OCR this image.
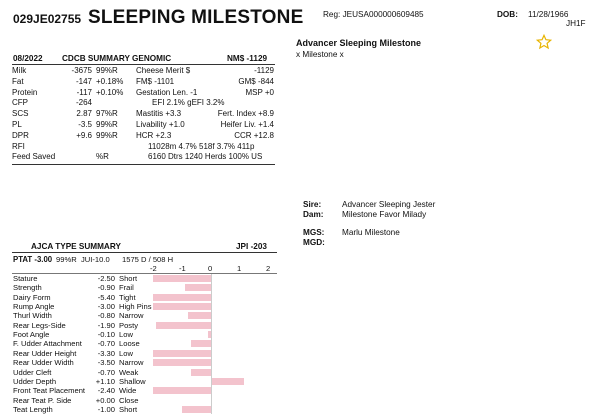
029JE02755 SLEEPING MILESTONE Reg: JEUSA000000609485	DOB: 11/28/1966
JH1F
08/2022 CDCB SUMMARY GENOMIC	NM$ -1129
Milk	-3675 99%R Cheese Merit $	-1129
Fat	-147 +0.18% FM$ -1101	GM$ -844
Protein	-117 +0.10% Gestation Len. -1	MSP +0
CFP	-264	EFI 2.1% gEFI 3.2%
SCS	2.87 97%R Mastitis +3.3	Fert. Index +8.9
PL	-3.5 99%R Livability +1.0	Heifer Liv. +1.4
DPR	+9.6 99%R HCR +2.3	CCR +12.8
RFI	11028m 4.7% 518f 3.7% 411p
Feed Saved	%R	6160 Dtrs 1240 Herds 100% US
Advancer Sleeping Milestone
x Milestone x
Sire:	Advancer Sleeping Jester
Dam: Milestone Favor Milady
MGS: Marlu Milestone
MGD:
AJCA TYPE SUMMARY	JPI -203
PTAT -3.00 99%R JUI-10.0 1575 D / 508 H
-2	-1	0	1	2
Stature	-2.50 Short
Strength	-0.90 Frail
Dairy Form	-5.40 Tight
Rump Angle	-3.00 High Pins
Thurl Width	-0.80 Narrow
Rear Legs-Side	-1.90 Posty
Foot Angle	-0.10 Low
F. Udder Attachment -0.70 Loose
Rear Udder Height	-3.30 Low
Rear Udder Width	-3.50 Narrow
Udder Cleft	-0.70 Weak
Udder Depth	+1.10 Shallow
Front Teat Placement -2.40 Wide
Rear Teat P. Side	+0.00 Close
Teat Length	-1.00 Short
